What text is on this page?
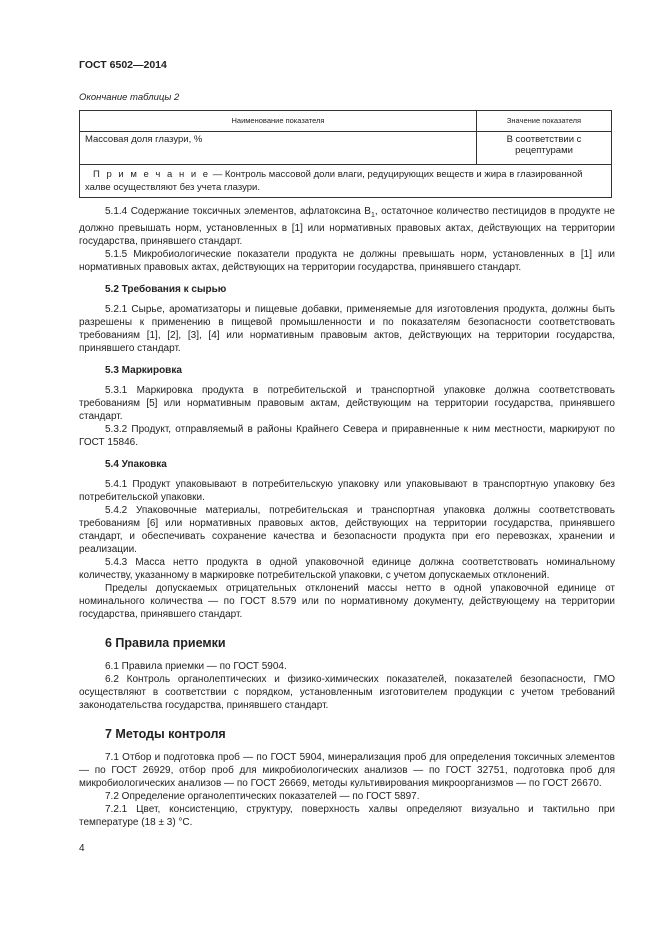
ГОСТ 6502—2014
Окончание таблицы 2
Наименование показателя	Значение показателя
Массовая доля глазури, %	В соответствии с рецептурами
П р и м е ч а н и е — Контроль массовой доли влаги, редуцирующих веществ и жира в глазированной халве осуществляют без учета глазури.	
5.1.4 Содержание токсичных элементов, афлатоксина $B_1$, остаточное количество пестицидов в продукте не должно превышать норм, установленных в [1] или нормативных правовых актах, действующих на территории государства, принявшего стандарт.
5.1.5 Микробиологические показатели продукта не должны превышать норм, установленных в [1] или нормативных правовых актах, действующих на территории государства, принявшего стандарт.
5.2 Требования к сырью
5.2.1 Сырье, ароматизаторы и пищевые добавки, применяемые для изготовления продукта, должны быть разрешены к применению в пищевой промышленности и по показателям безопасности соответствовать требованиям [1], [2], [3], [4] или нормативным правовым актов, действующих на территории государства, принявшего стандарт.
5.3 Маркировка
5.3.1 Маркировка продукта в потребительской и транспортной упаковке должна соответствовать требованиям [5] или нормативным правовым актам, действующим на территории государства, принявшего стандарт.
5.3.2 Продукт, отправляемый в районы Крайнего Севера и приравненные к ним местности, маркируют по ГОСТ 15846.
5.4 Упаковка
5.4.1 Продукт упаковывают в потребительскую упаковку или упаковывают в транспортную упаковку без потребительской упаковки.
5.4.2 Упаковочные материалы, потребительская и транспортная упаковка должны соответствовать требованиям [6] или нормативных правовых актов, действующих на территории государства, принявшего стандарт, и обеспечивать сохранение качества и безопасности продукта при его перевозках, хранении и реализации.
5.4.3 Масса нетто продукта в одной упаковочной единице должна соответствовать номинальному количеству, указанному в маркировке потребительской упаковки, с учетом допускаемых отклонений.
Пределы допускаемых отрицательных отклонений массы нетто в одной упаковочной единице от номинального количества — по ГОСТ 8.579 или по нормативному документу, действующему на территории государства, принявшего стандарт.
6 Правила приемки
6.1 Правила приемки — по ГОСТ 5904.
6.2 Контроль органолептических и физико-химических показателей, показателей безопасности, ГМО осуществляют в соответствии с порядком, установленным изготовителем продукции с учетом требований законодательства государства, принявшего стандарт.
7 Методы контроля
7.1 Отбор и подготовка проб — по ГОСТ 5904, минерализация проб для определения токсичных элементов — по ГОСТ 26929, отбор проб для микробиологических анализов — по ГОСТ 32751, подготовка проб для микробиологических анализов — по ГОСТ 26669, методы культивирования микроорганизмов — по ГОСТ 26670.
7.2 Определение органолептических показателей — по ГОСТ 5897.
7.2.1 Цвет, консистенцию, структуру, поверхность халвы определяют визуально и тактильно при температуре (18 ± 3) °C.
4
